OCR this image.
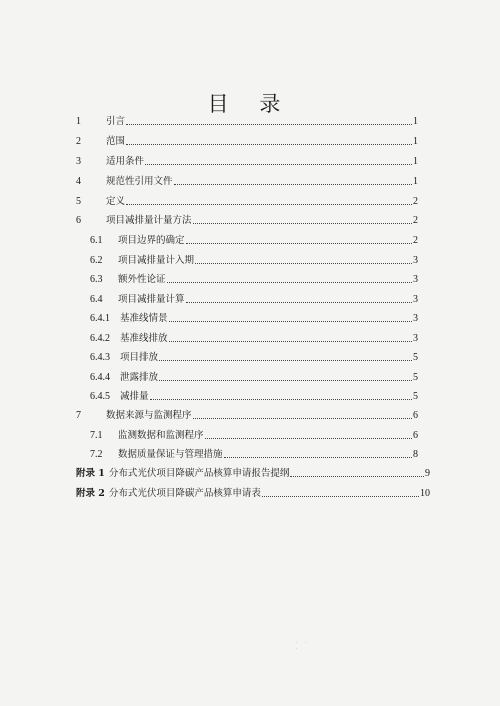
目 录
1	引言	1
2	范围	1
3	适用条件	1
4	规范性引用文件	1
5	定义	2
6	项目减排量计量方法	2
6.1	项目边界的确定	2
6.2	项目减排量计入期	3
6.3	额外性论证	3
6.4	项目减排量计算	3
6.4.1	基准线情景	3
6.4.2	基准线排放	3
6.4.3	项目排放	5
6.4.4	泄露排放	5
6.4.5	减排量	5
7	数据来源与监测程序	6
7.1	监测数据和监测程序	6
7.2	数据质量保证与管理措施	8
附录 1 分布式光伏项目降碳产品核算申请报告提纲	9
附录 2 分布式光伏项目降碳产品核算申请表	10
· · ·
